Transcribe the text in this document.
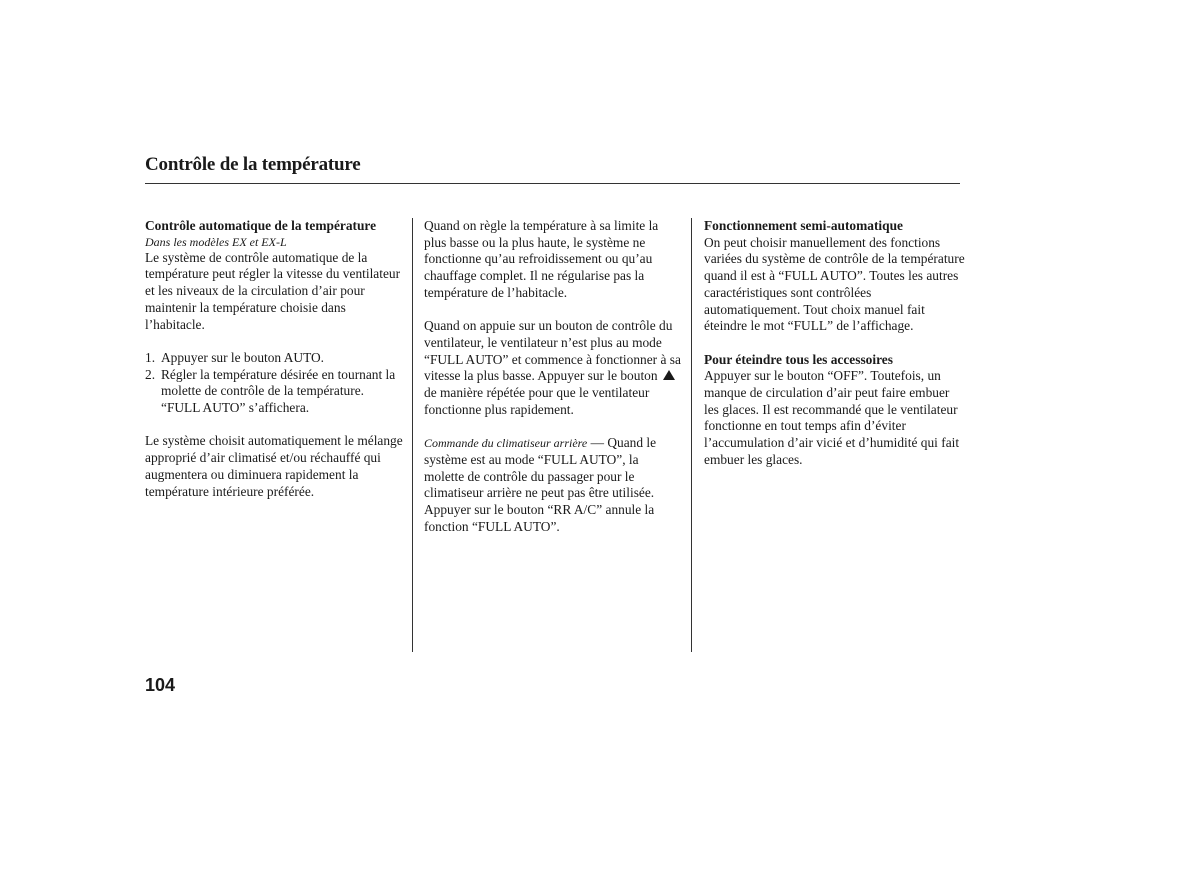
Contrôle de la température

Contrôle automatique de la température

Dans les modèles EX et EX-L

Le système de contrôle automatique de la température peut régler la vitesse du ventilateur et les niveaux de la circulation d’air pour maintenir la température choisie dans l’habitacle.

1. Appuyer sur le bouton AUTO.
2. Régler la température désirée en tournant la molette de contrôle de la température. “FULL AUTO” s’affichera.

Le système choisit automatiquement le mélange approprié d’air climatisé et/ou réchauffé qui augmentera ou diminuera rapidement la température intérieure préférée.

Quand on règle la température à sa limite la plus basse ou la plus haute, le système ne fonctionne qu’au refroidissement ou qu’au chauffage complet. Il ne régularise pas la température de l’habitacle.

Quand on appuie sur un bouton de contrôle du ventilateur, le ventilateur n’est plus au mode “FULL AUTO” et commence à fonctionner à sa vitesse la plus basse. Appuyer sur le bouton  de manière répétée pour que le ventilateur fonctionne plus rapidement.

Commande du climatiseur arrière — Quand le système est au mode “FULL AUTO”, la molette de contrôle du passager pour le climatiseur arrière ne peut pas être utilisée. Appuyer sur le bouton “RR A/C” annule la fonction “FULL AUTO”.

Fonctionnement semi-automatique

On peut choisir manuellement des fonctions variées du système de contrôle de la température quand il est à “FULL AUTO”. Toutes les autres caractéristiques sont contrôlées automatiquement. Tout choix manuel fait éteindre le mot “FULL” de l’affichage.

Pour éteindre tous les accessoires

Appuyer sur le bouton “OFF”. Toutefois, un manque de circulation d’air peut faire embuer les glaces. Il est recommandé que le ventilateur fonctionne en tout temps afin d’éviter l’accumulation d’air vicié et d’humidité qui fait embuer les glaces.

104
